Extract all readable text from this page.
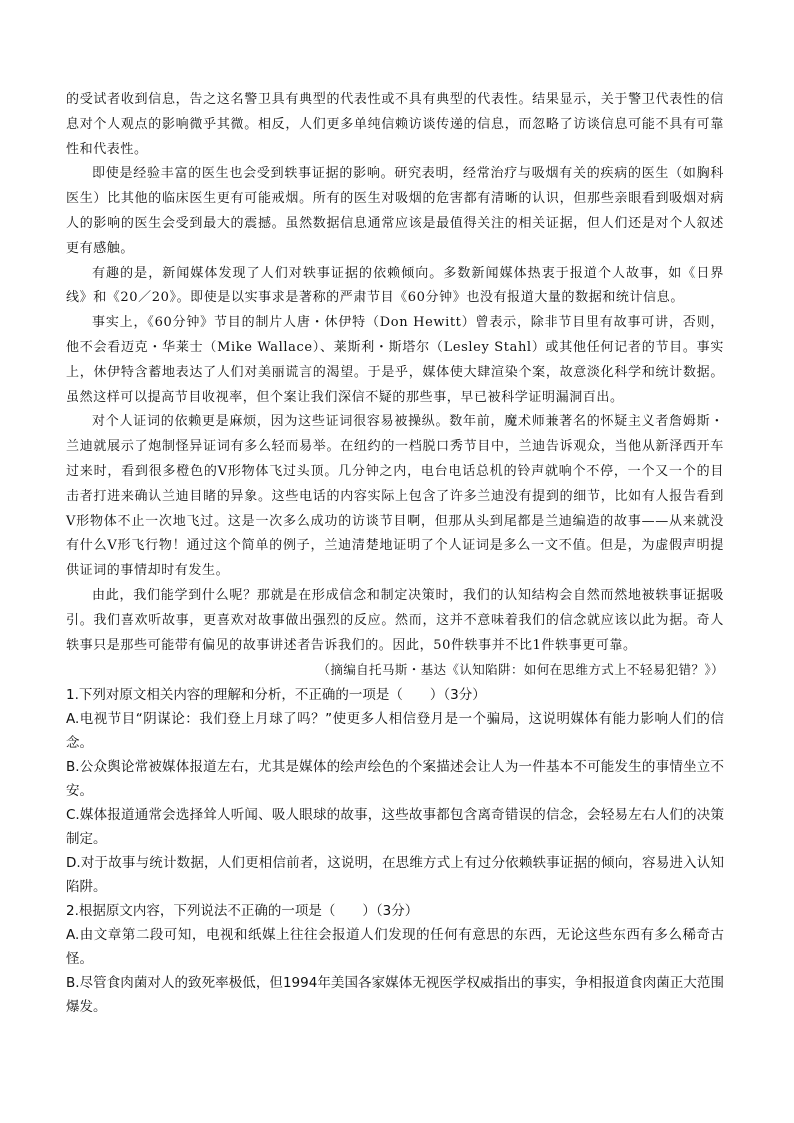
的受试者收到信息，告之这名警卫具有典型的代表性或不具有典型的代表性。结果显示，关于警卫代表性的信息对个人观点的影响微乎其微。相反，人们更多单纯信赖访谈传递的信息，而忽略了访谈信息可能不具有可靠性和代表性。

即使是经验丰富的医生也会受到轶事证据的影响。研究表明，经常治疗与吸烟有关的疾病的医生（如胸科医生）比其他的临床医生更有可能戒烟。所有的医生对吸烟的危害都有清晰的认识，但那些亲眼看到吸烟对病人的影响的医生会受到最大的震撼。虽然数据信息通常应该是最值得关注的相关证据，但人们还是对个人叙述更有感触。

有趣的是，新闻媒体发现了人们对轶事证据的依赖倾向。多数新闻媒体热衷于报道个人故事，如《日界线》和《20／20》。即使是以实事求是著称的严肃节目《60分钟》也没有报道大量的数据和统计信息。

事实上，《60分钟》节目的制片人唐・休伊特（Don Hewitt）曾表示，除非节目里有故事可讲，否则，他不会看迈克・华莱士（Mike Wallace）、莱斯利・斯塔尔（Lesley Stahl）或其他任何记者的节目。事实上，休伊特含蓄地表达了人们对美丽谎言的渴望。于是乎，媒体使大肆渲染个案，故意淡化科学和统计数据。虽然这样可以提高节目收视率，但个案让我们深信不疑的那些事，早已被科学证明漏洞百出。

对个人证词的依赖更是麻烦，因为这些证词很容易被操纵。数年前，魔术师兼著名的怀疑主义者詹姆斯・兰迪就展示了炮制怪异证词有多么轻而易举。在纽约的一档脱口秀节目中，兰迪告诉观众，当他从新泽西开车过来时，看到很多橙色的V形物体飞过头顶。几分钟之内，电台电话总机的铃声就响个不停，一个又一个的目击者打进来确认兰迪目睹的异象。这些电话的内容实际上包含了许多兰迪没有提到的细节，比如有人报告看到V形物体不止一次地飞过。这是一次多么成功的访谈节目啊，但那从头到尾都是兰迪编造的故事——从来就没有什么V形飞行物！通过这个简单的例子，兰迪清楚地证明了个人证词是多么一文不值。但是，为虚假声明提供证词的事情却时有发生。

由此，我们能学到什么呢？那就是在形成信念和制定决策时，我们的认知结构会自然而然地被轶事证据吸引。我们喜欢听故事，更喜欢对故事做出强烈的反应。然而，这并不意味着我们的信念就应该以此为据。奇人轶事只是那些可能带有偏见的故事讲述者告诉我们的。因此，50件轶事并不比1件轶事更可靠。

（摘编自托马斯・基达《认知陷阱：如何在思维方式上不轻易犯错？》）

1.下列对原文相关内容的理解和分析，不正确的一项是（　　）（3分）

A.电视节目“阴谋论：我们登上月球了吗？”使更多人相信登月是一个骗局，这说明媒体有能力影响人们的信念。

B.公众舆论常被媒体报道左右，尤其是媒体的绘声绘色的个案描述会让人为一件基本不可能发生的事情坐立不安。

C.媒体报道通常会选择耸人听闻、吸人眼球的故事，这些故事都包含离奇错误的信念，会轻易左右人们的决策制定。

D.对于故事与统计数据，人们更相信前者，这说明，在思维方式上有过分依赖轶事证据的倾向，容易进入认知陷阱。

2.根据原文内容，下列说法不正确的一项是（　　）（3分）

A.由文章第二段可知，电视和纸媒上往往会报道人们发现的任何有意思的东西，无论这些东西有多么稀奇古怪。

B.尽管食肉菌对人的致死率极低，但1994年美国各家媒体无视医学权威指出的事实，争相报道食肉菌正大范围爆发。
